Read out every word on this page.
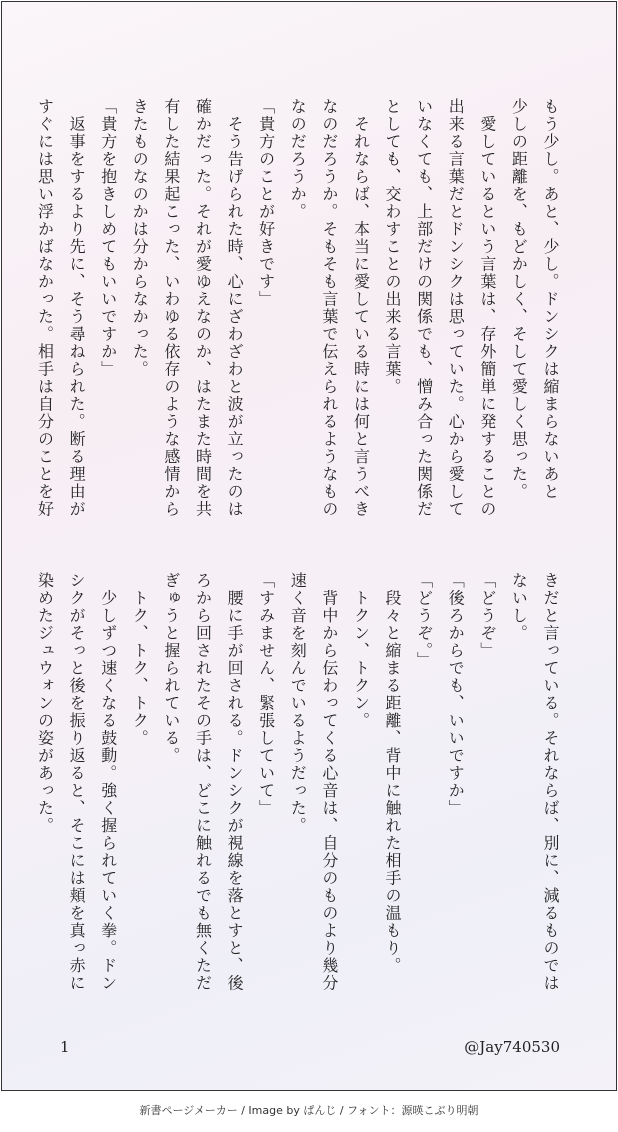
もう少し。あと、少し。ドンシクは縮まらないあと
少しの距離を、もどかしく、そして愛しく思った。
　愛しているという言葉は、存外簡単に発することの
出来る言葉だとドンシクは思っていた。心から愛して
いなくても、上部だけの関係でも、憎み合った関係だ
としても、交わすことの出来る言葉。
　それならば、本当に愛している時には何と言うべき
なのだろうか。そもそも言葉で伝えられるようなもの
なのだろうか。
「貴方のことが好きです」
　そう告げられた時、心にざわざわと波が立ったのは
確かだった。それが愛ゆえなのか、はたまた時間を共
有した結果起こった、いわゆる依存のような感情から
きたものなのかは分からなかった。
「貴方を抱きしめてもいいですか」
　返事をするより先に、そう尋ねられた。断る理由が
すぐには思い浮かばなかった。相手は自分のことを好
きだと言っている。それならば、別に、減るものでは
ないし。
「どうぞ」
「後ろからでも、いいですか」
「どうぞ。」
　段々と縮まる距離、背中に触れた相手の温もり。
　トクン、トクン。
　背中から伝わってくる心音は、自分のものより幾分
速く音を刻んでいるようだった。
「すみません、緊張していて」
　腰に手が回される。ドンシクが視線を落とすと、後
ろから回されたその手は、どこに触れるでも無くただ
ぎゅうと握られている。
　トク、トク、トク。
　少しずつ速くなる鼓動。強く握られていく拳。ドン
シクがそっと後を振り返ると、そこには頬を真っ赤に
染めたジュウォンの姿があった。
1	@Jay740530
新書ページメーカー / Image by ぱんじ / フォント：源暎こぶり明朝
